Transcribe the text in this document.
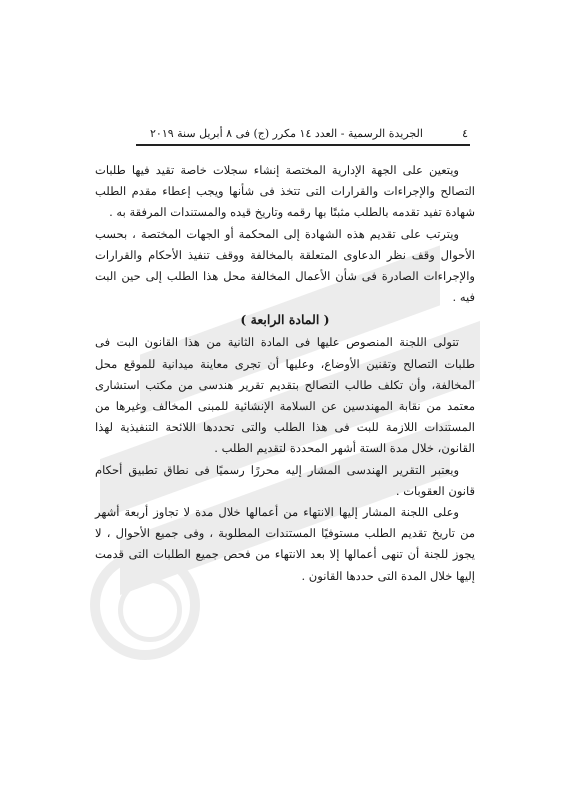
٤
الجريدة الرسمية - العدد ١٤ مكرر (ج) فى ٨ أبريل سنة ٢٠١٩

ويتعين على الجهة الإدارية المختصة إنشاء سجلات خاصة تقيد فيها طلبات التصالح والإجراءات والقرارات التى تتخذ فى شأنها ويجب إعطاء مقدم الطلب شهادة تفيد تقدمه بالطلب مثبتًا بها رقمه وتاريخ قيده والمستندات المرفقة به .

ويترتب على تقديم هذه الشهادة إلى المحكمة أو الجهات المختصة ، بحسب الأحوال وقف نظر الدعاوى المتعلقة بالمخالفة ووقف تنفيذ الأحكام والقرارات والإجراءات الصادرة فى شأن الأعمال المخالفة محل هذا الطلب إلى حين البت فيه .

( المادة الرابعة )

تتولى اللجنة المنصوص عليها فى المادة الثانية من هذا القانون البت فى طلبات التصالح وتقنين الأوضاع، وعليها أن تجرى معاينة ميدانية للموقع محل المخالفة، وأن تكلف طالب التصالح بتقديم تقرير هندسى من مكتب استشارى معتمد من نقابة المهندسين عن السلامة الإنشائية للمبنى المخالف وغيرها من المستندات اللازمة للبت فى هذا الطلب والتى تحددها اللائحة التنفيذية لهذا القانون، خلال مدة الستة أشهر المحددة لتقديم الطلب .

ويعتبر التقرير الهندسى المشار إليه محررًا رسميًا فى نطاق تطبيق أحكام قانون العقوبات .

وعلى اللجنة المشار إليها الانتهاء من أعمالها خلال مدة لا تجاوز أربعة أشهر من تاريخ تقديم الطلب مستوفيًا المستندات المطلوبة ، وفى جميع الأحوال ، لا يجوز للجنة أن تنهى أعمالها إلا بعد الانتهاء من فحص جميع الطلبات التى قدمت إليها خلال المدة التى حددها القانون .
